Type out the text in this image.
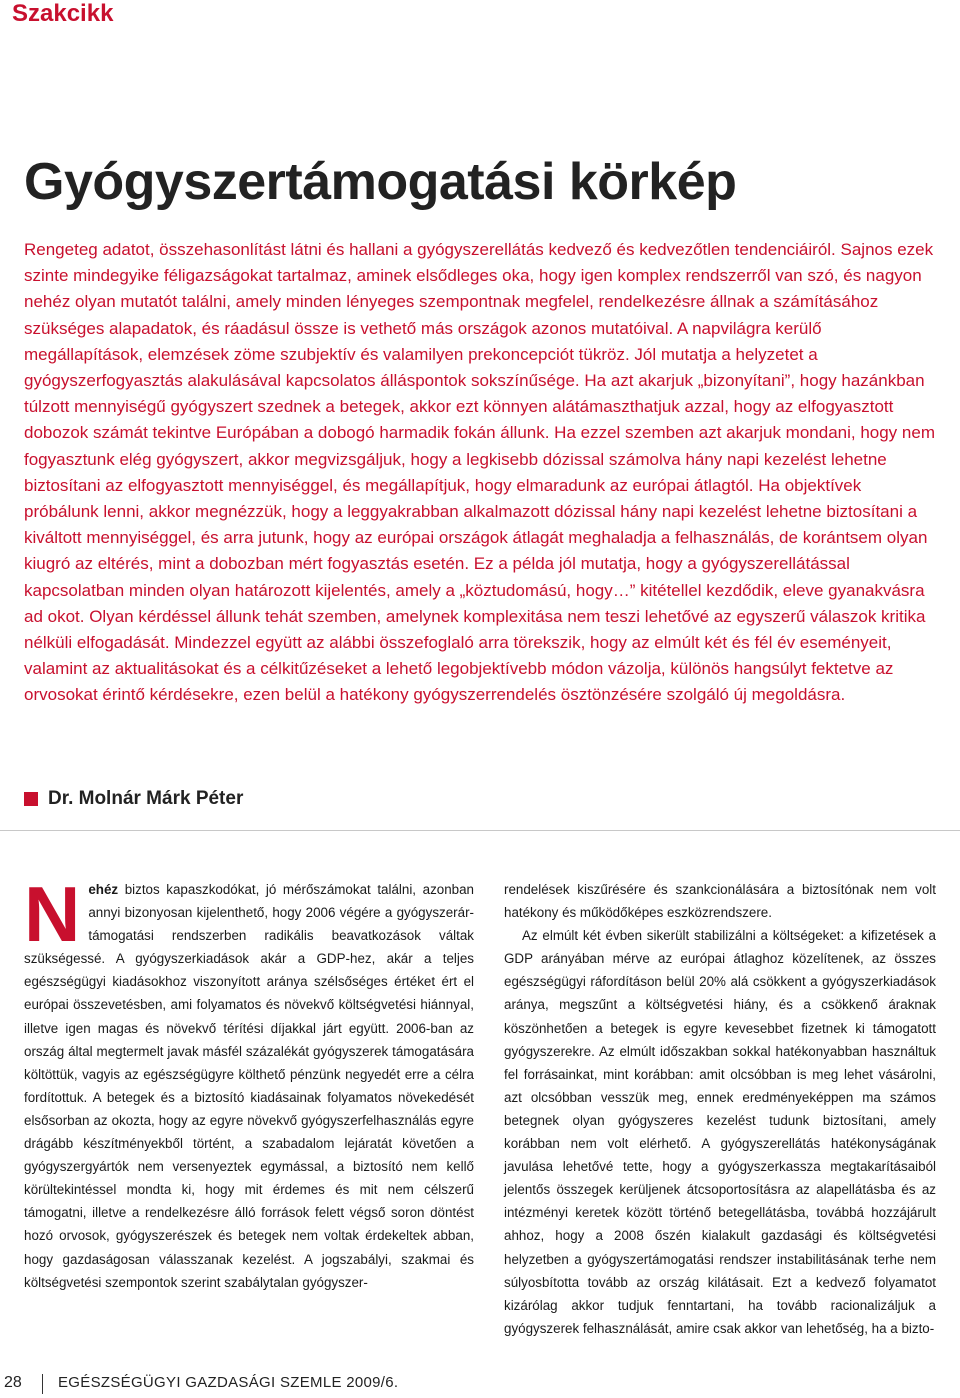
Szakcikk
Gyógyszertámogatási körkép
Rengeteg adatot, összehasonlítást látni és hallani a gyógyszerellátás kedvező és kedvezőtlen tendenciáiról. Sajnos ezek szinte mindegyike féligazságokat tartalmaz, aminek elsődleges oka, hogy igen komplex rendszerről van szó, és nagyon nehéz olyan mutatót találni, amely minden lényeges szempontnak megfelel, rendelkezésre állnak a számításához szükséges alapadatok, és ráadásul össze is vethető más országok azonos mutatóival. A napvilágra kerülő megállapítások, elemzések zöme szubjektív és valamilyen prekoncepciót tükröz. Jól mutatja a helyzetet a gyógyszerfogyasztás alakulásával kapcsolatos álláspontok sokszínűsége. Ha azt akarjuk „bizonyítani”, hogy hazánkban túlzott mennyiségű gyógyszert szednek a betegek, akkor ezt könnyen alátámaszthatjuk azzal, hogy az elfogyasztott dobozok számát tekintve Európában a dobogó harmadik fokán állunk. Ha ezzel szemben azt akarjuk mondani, hogy nem fogyasztunk elég gyógyszert, akkor megvizsgáljuk, hogy a legkisebb dózissal számolva hány napi kezelést lehetne biztosítani az elfogyasztott mennyiséggel, és megállapítjuk, hogy elmaradunk az európai átlagtól. Ha objektívek próbálunk lenni, akkor megnézzük, hogy a leggyakrabban alkalmazott dózissal hány napi kezelést lehetne biztosítani a kiváltott mennyiséggel, és arra jutunk, hogy az európai országok átlagát meghaladja a felhasználás, de korántsem olyan kiugró az eltérés, mint a dobozban mért fogyasztás esetén. Ez a példa jól mutatja, hogy a gyógyszerellátással kapcsolatban minden olyan határozott kijelentés, amely a „köztudomású, hogy…” kitétellel kezdődik, eleve gyanakvásra ad okot. Olyan kérdéssel állunk tehát szemben, amelynek komplexitása nem teszi lehetővé az egyszerű válaszok kritika nélküli elfogadását. Mindezzel együtt az alábbi összefoglaló arra törekszik, hogy az elmúlt két és fél év eseményeit, valamint az aktualitásokat és a célkitűzéseket a lehető legobjektívebb módon vázolja, különös hangsúlyt fektetve az orvosokat érintő kérdésekre, ezen belül a hatékony gyógyszerrendelés ösztönzésére szolgáló új megoldásra.
Dr. Molnár Márk Péter

Nehéz biztos kapaszkodókat, jó mérőszámokat találni, azonban annyi bizonyosan kijelenthető, hogy 2006 végére a gyógyszerár-támogatási rendszerben radikális beavatkozások váltak szükségessé. A gyógyszerkiadások akár a GDP-hez, akár a teljes egészségügyi kiadásokhoz viszonyított aránya szélsőséges értéket ért el európai összevetésben, ami folyamatos és növekvő költségvetési hiánnyal, illetve igen magas és növekvő térítési díjakkal járt együtt. 2006-ban az ország által megtermelt javak másfél százalékát gyógyszerek támogatására költöttük, vagyis az egészségügyre költhető pénzünk negyedét erre a célra fordítottuk. A betegek és a biztosító kiadásainak folyamatos növekedését elsősorban az okozta, hogy az egyre növekvő gyógyszerfelhasználás egyre drágább készítményekből történt, a szabadalom lejáratát követően a gyógyszergyártók nem versenyeztek egymással, a biztosító nem kellő körültekintéssel mondta ki, hogy mit érdemes és mit nem célszerű támogatni, illetve a rendelkezésre álló források felett végső soron döntést hozó orvosok, gyógyszerészek és betegek nem voltak érdekeltek abban, hogy gazdaságosan válasszanak kezelést. A jogszabályi, szakmai és költségvetési szempontok szerint szabálytalan gyógyszer-

rendelések kiszűrésére és szankcionálására a biztosítónak nem volt hatékony és működőképes eszközrendszere.

Az elmúlt két évben sikerült stabilizálni a költségeket: a kifizetések a GDP arányában mérve az európai átlaghoz közelítenek, az összes egészségügyi ráfordításon belül 20% alá csökkent a gyógyszerkiadások aránya, megszűnt a költségvetési hiány, és a csökkenő áraknak köszönhetően a betegek is egyre kevesebbet fizetnek ki támogatott gyógyszerekre. Az elmúlt időszakban sokkal hatékonyabban használtuk fel forrásainkat, mint korábban: amit olcsóbban is meg lehet vásárolni, azt olcsóbban vesszük meg, ennek eredményeképpen ma számos betegnek olyan gyógyszeres kezelést tudunk biztosítani, amely korábban nem volt elérhető. A gyógyszerellátás hatékonyságának javulása lehetővé tette, hogy a gyógyszerkassza megtakarításaiból jelentős összegek kerüljenek átcsoportosításra az alapellátásba és az intézményi keretek között történő betegellátásba, továbbá hozzájárult ahhoz, hogy a 2008 őszén kialakult gazdasági és költségvetési helyzetben a gyógyszertámogatási rendszer instabilitásának terhe nem súlyosbította tovább az ország kilátásait. Ezt a kedvező folyamatot kizárólag akkor tudjuk fenntartani, ha tovább racionalizáljuk a gyógyszerek felhasználását, amire csak akkor van lehetőség, ha a bizto-

28 EGÉSZSÉGÜGYI GAZDASÁGI SZEMLE 2009/6.
